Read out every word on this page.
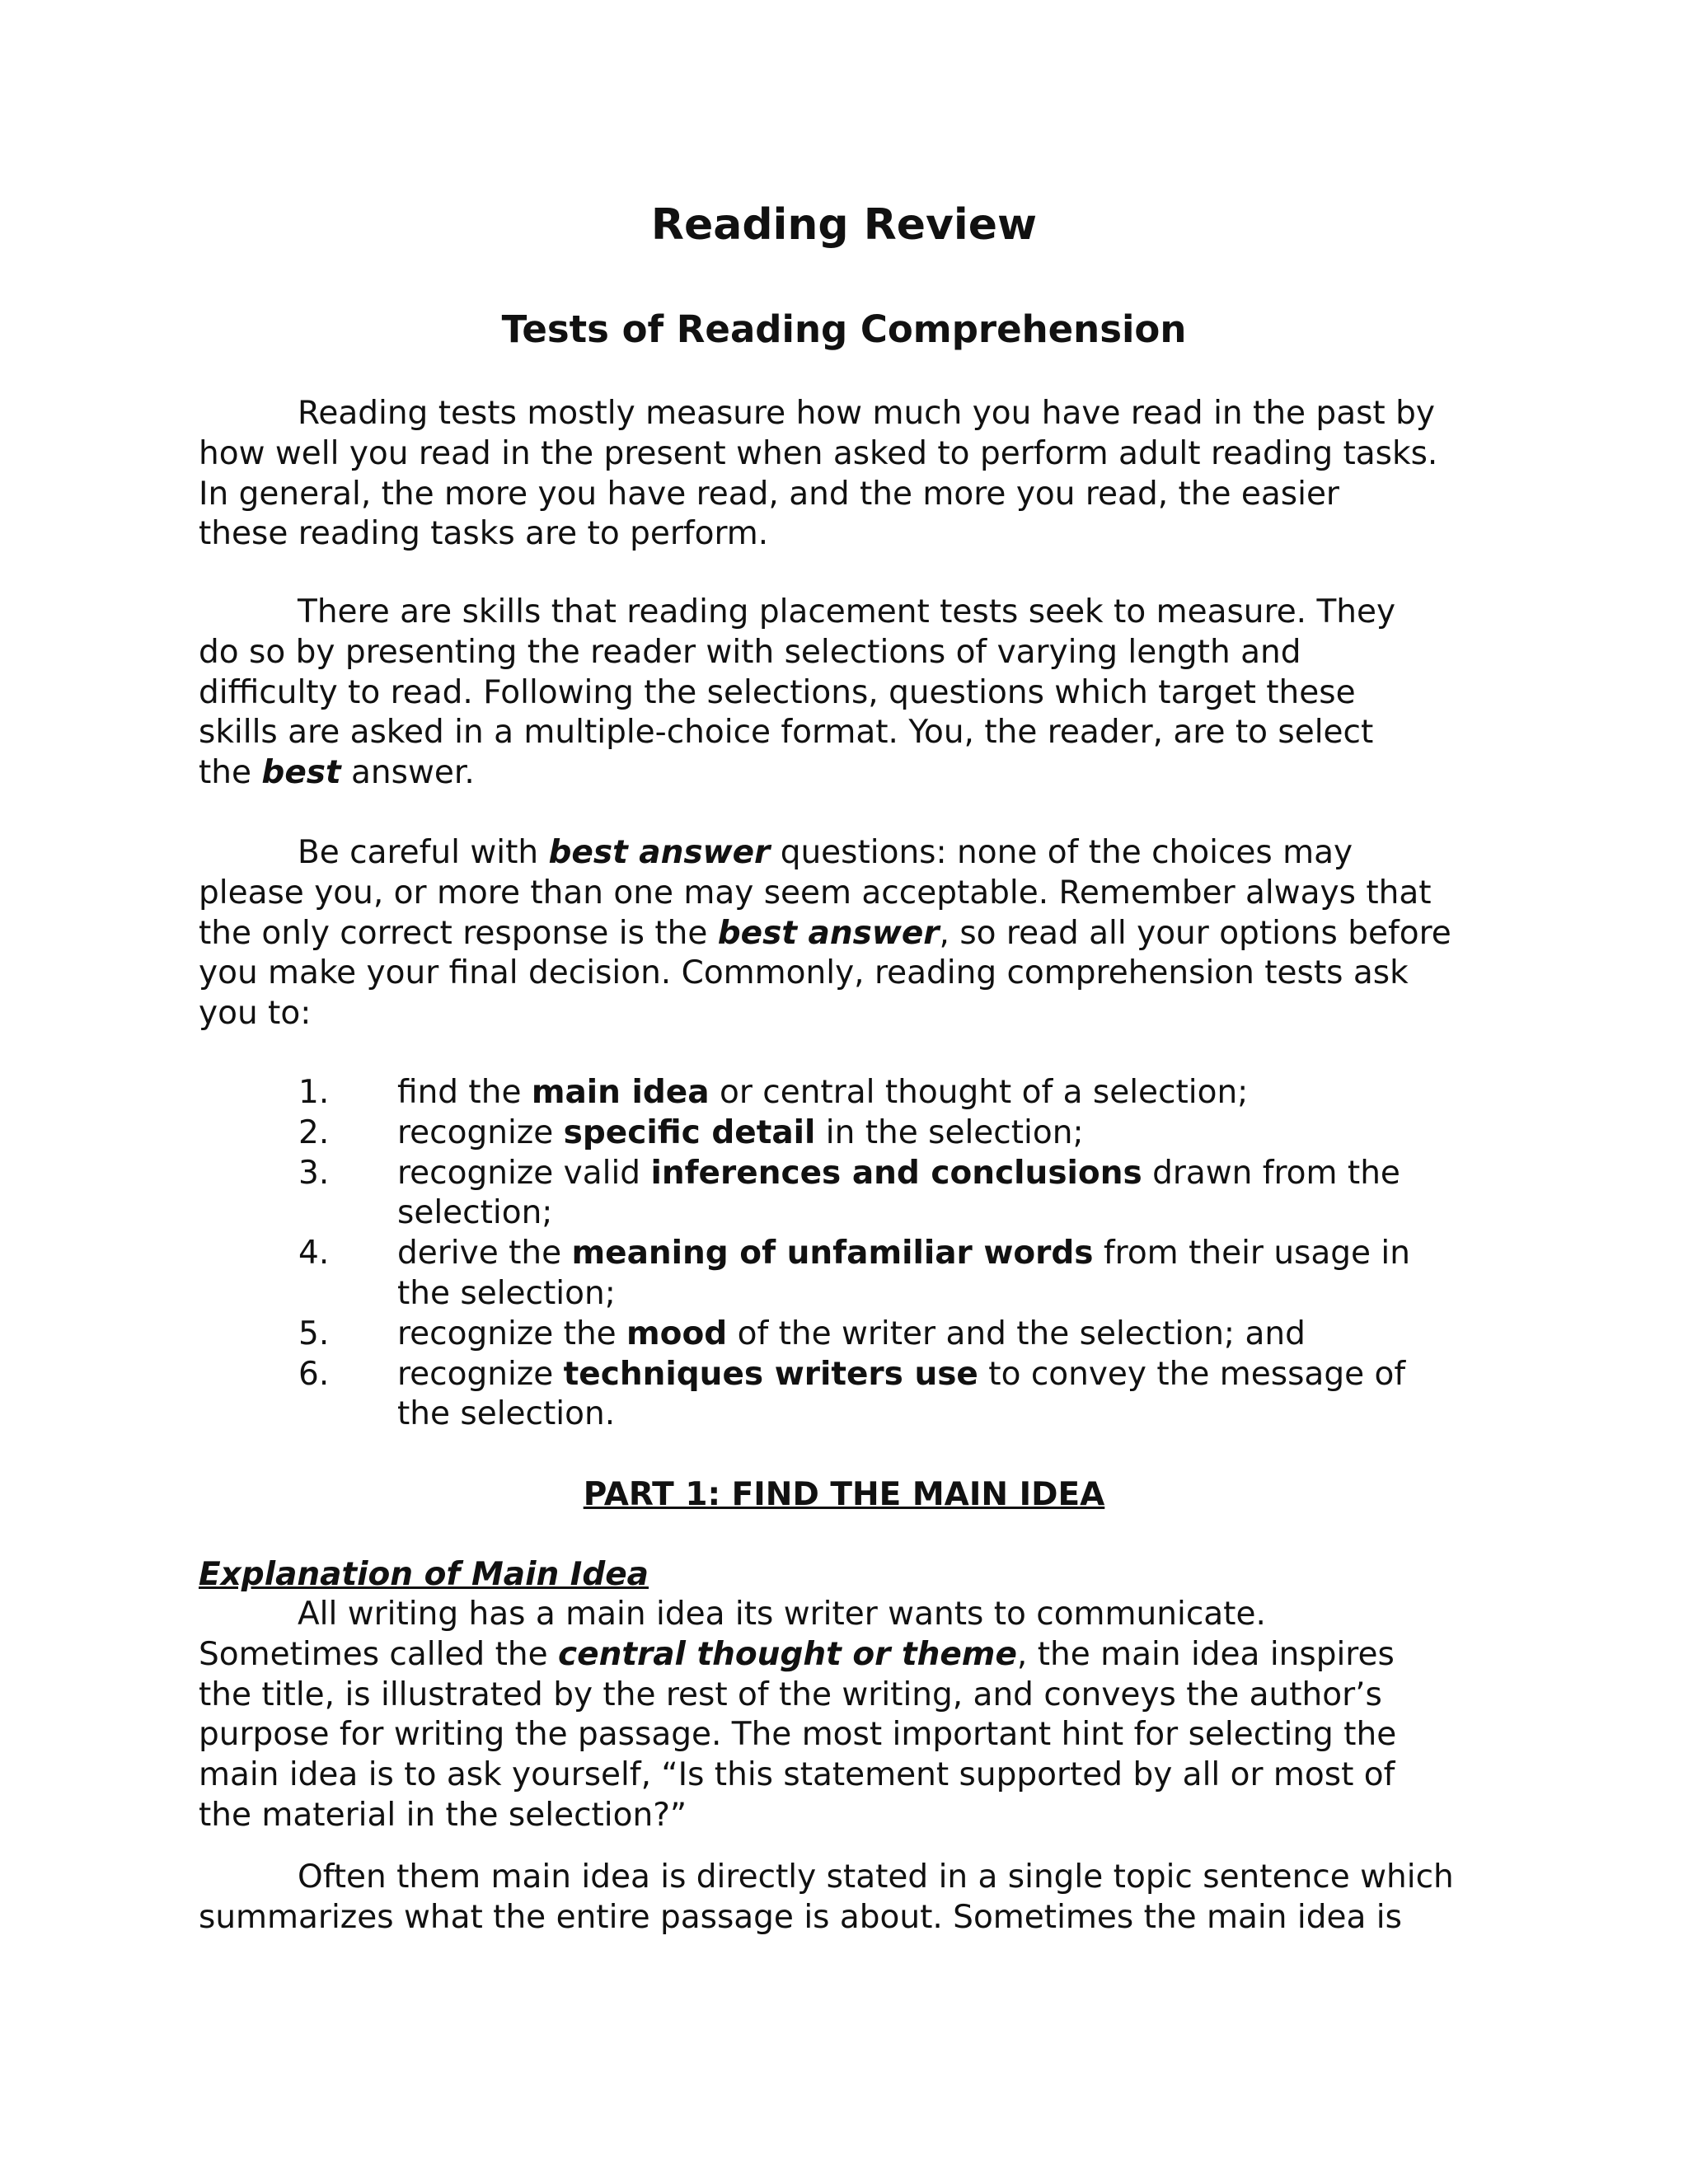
Reading Review
Tests of Reading Comprehension
Reading tests mostly measure how much you have read in the past by
how well you read in the present when asked to perform adult reading tasks.
In general, the more you have read, and the more you read, the easier
these reading tasks are to perform.
There are skills that reading placement tests seek to measure. They
do so by presenting the reader with selections of varying length and
difficulty to read. Following the selections, questions which target these
skills are asked in a multiple-choice format. You, the reader, are to select
the best answer.
Be careful with best answer questions: none of the choices may
please you, or more than one may seem acceptable. Remember always that
the only correct response is the best answer, so read all your options before
you make your final decision. Commonly, reading comprehension tests ask
you to:
1. find the main idea or central thought of a selection;
2. recognize specific detail in the selection;
3. recognize valid inferences and conclusions drawn from the
selection;
4. derive the meaning of unfamiliar words from their usage in
the selection;
5. recognize the mood of the writer and the selection; and
6. recognize techniques writers use to convey the message of
the selection.
PART 1: FIND THE MAIN IDEA
Explanation of Main Idea
All writing has a main idea its writer wants to communicate.
Sometimes called the central thought or theme, the main idea inspires
the title, is illustrated by the rest of the writing, and conveys the author’s
purpose for writing the passage. The most important hint for selecting the
main idea is to ask yourself, “Is this statement supported by all or most of
the material in the selection?”
Often them main idea is directly stated in a single topic sentence which
summarizes what the entire passage is about. Sometimes the main idea is
